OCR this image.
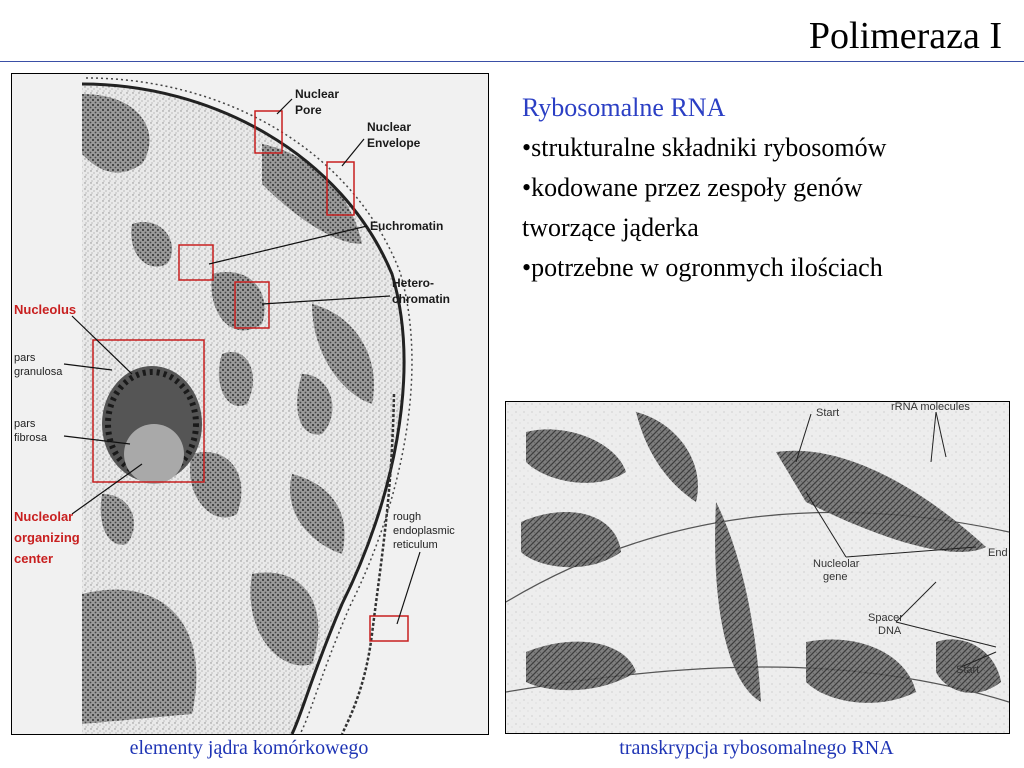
Polimeraza I
Nuclear
Pore
Nuclear
Envelope
Euchromatin
Hetero-
chromatin
Nucleolus
pars
granulosa
pars
fibrosa
Nucleolar
organizing
center
rough
endoplasmic
reticulum
Rybosomalne RNA
•strukturalne składniki rybosomów
•kodowane przez zespoły genów
tworzące jąderka
•potrzebne w ogronmych ilościach
Start	rRNA molecules
End
Nucleolar
gene
Spacer
DNA
Start
elementy jądra komórkowego	transkrypcja rybosomalnego RNA
